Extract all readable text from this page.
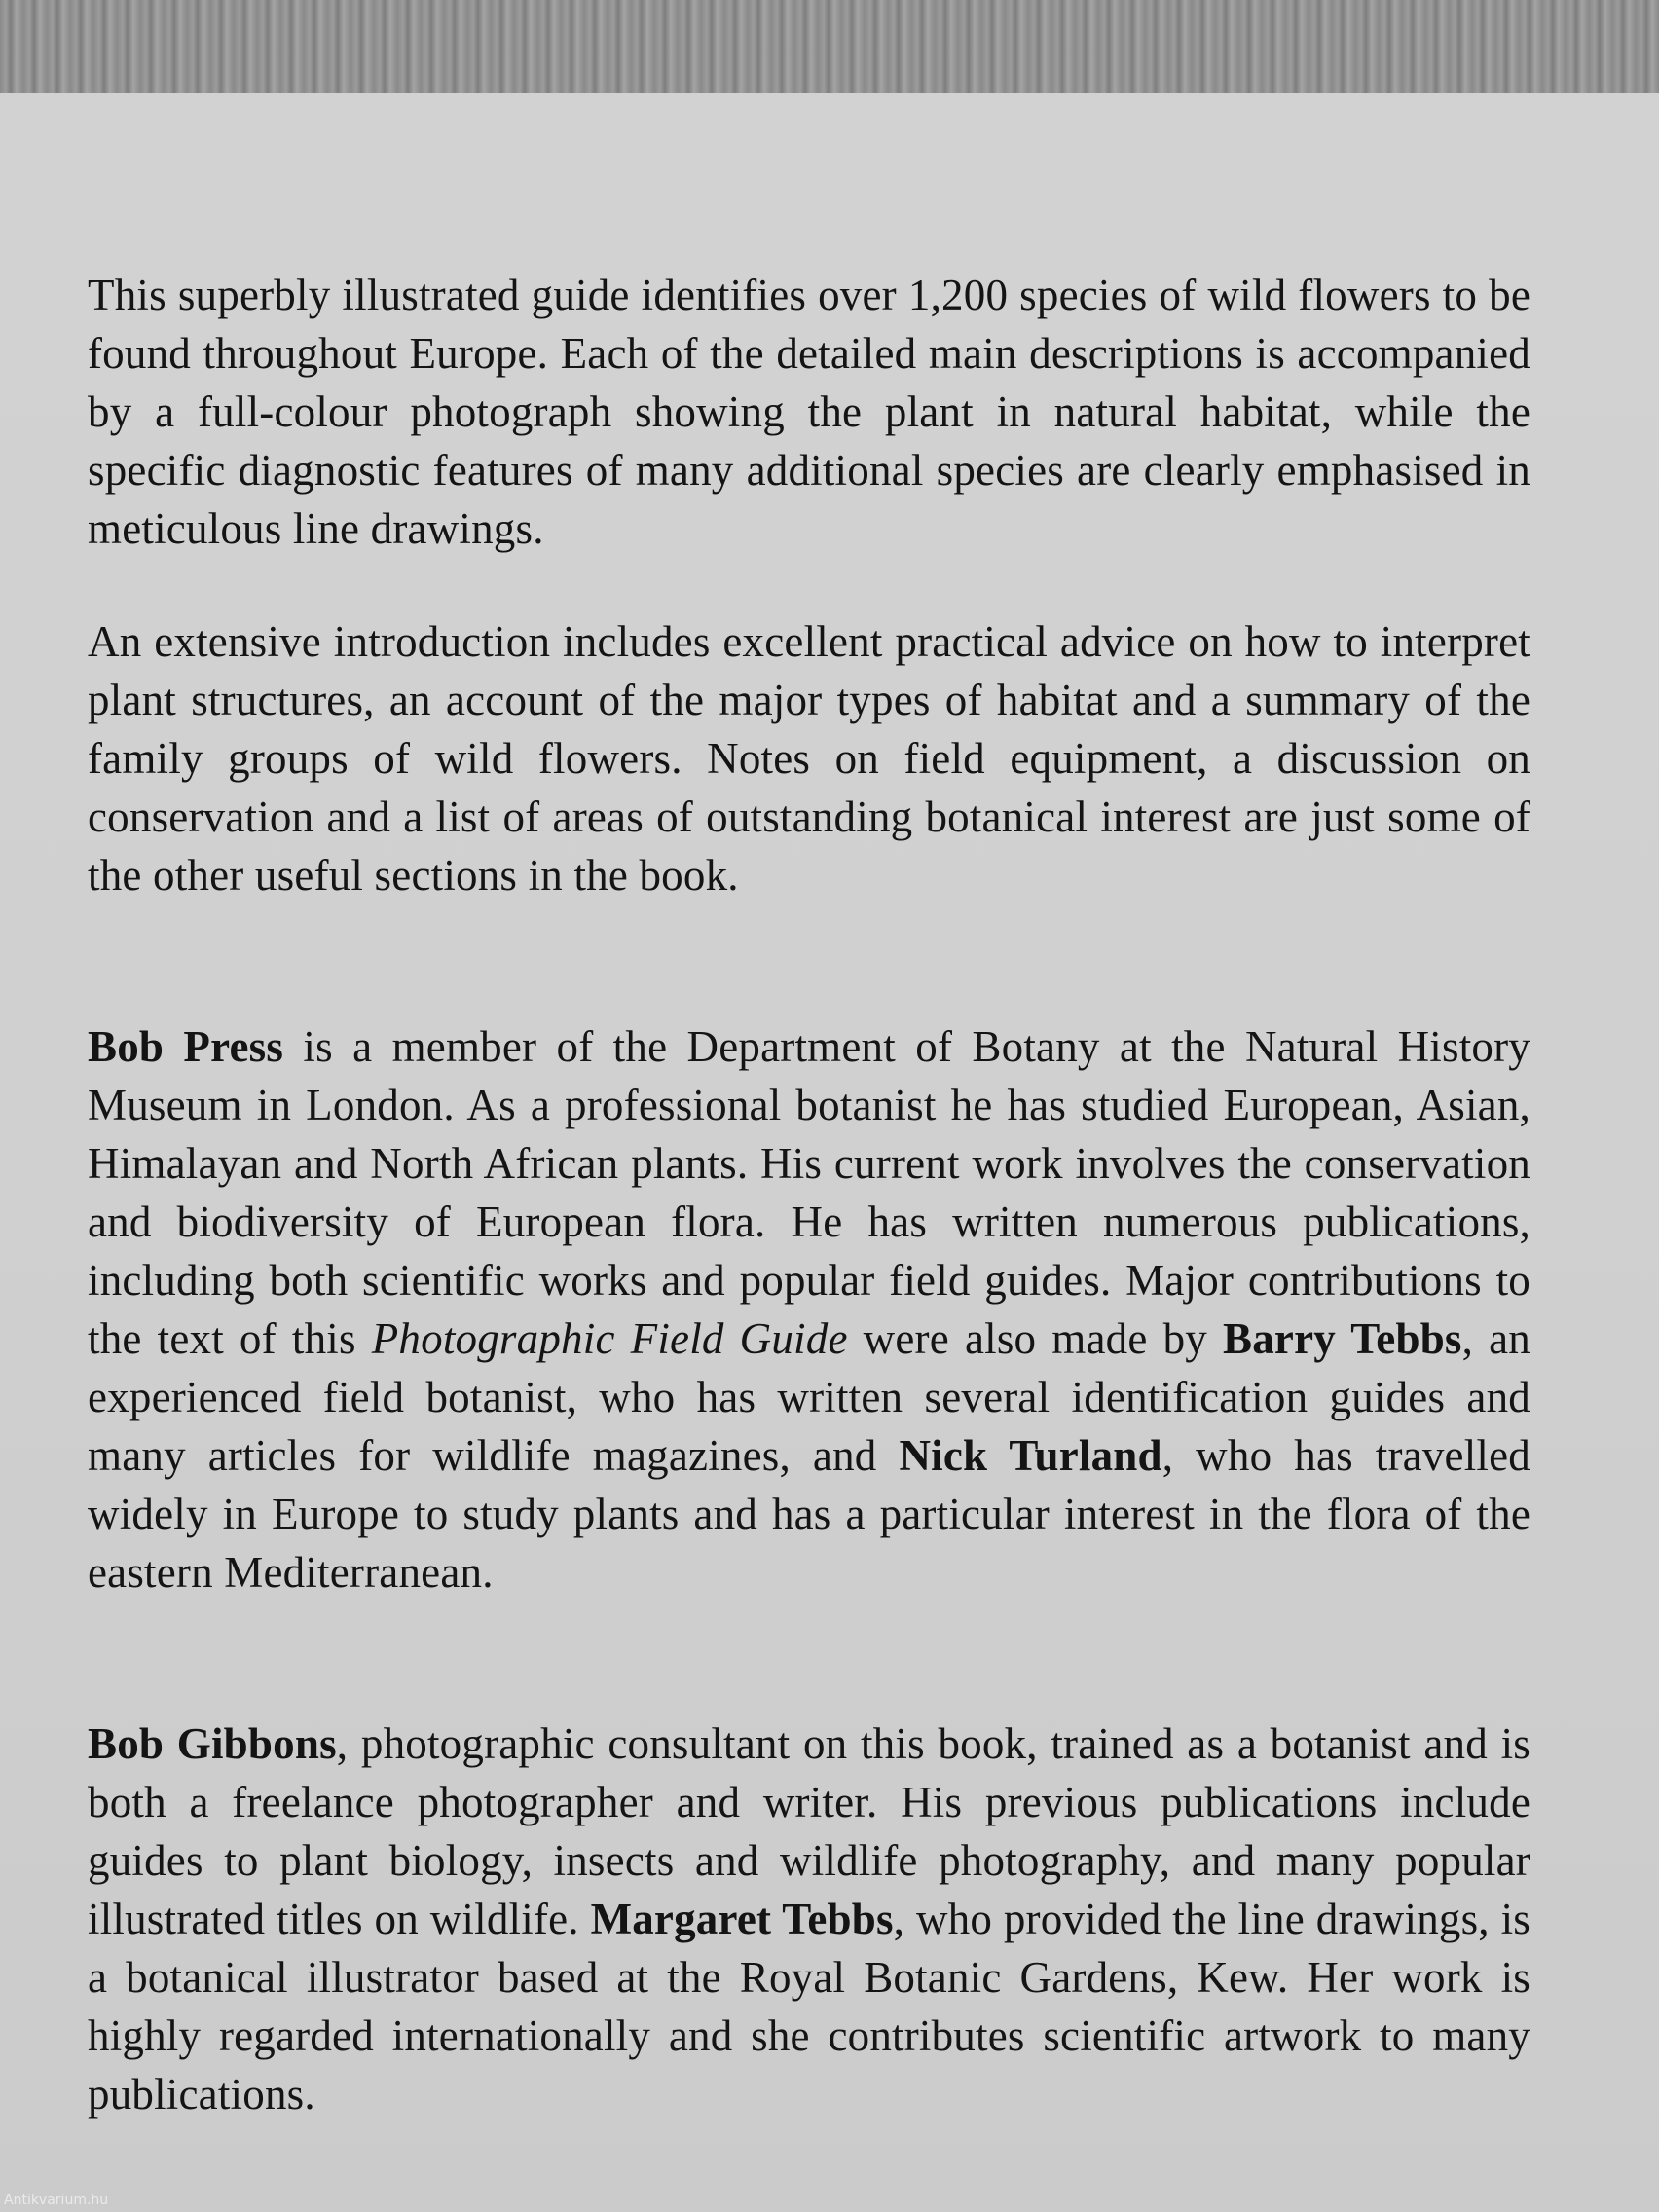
This superbly illustrated guide identifies over 1,200 species of wild flowers to be found throughout Europe. Each of the detailed main descriptions is accompanied by a full-colour photograph showing the plant in natural habitat, while the specific diagnostic features of many additional species are clearly emphasised in meticulous line drawings.

An extensive introduction includes excellent practical advice on how to interpret plant structures, an account of the major types of habitat and a summary of the family groups of wild flowers. Notes on field equipment, a discussion on conservation and a list of areas of outstanding botanical interest are just some of the other useful sections in the book.

Bob Press is a member of the Department of Botany at the Natural History Museum in London. As a professional botanist he has studied European, Asian, Himalayan and North African plants. His current work involves the conservation and biodiversity of European flora. He has written numerous publications, including both scientific works and popular field guides. Major contributions to the text of this Photographic Field Guide were also made by Barry Tebbs, an experienced field botanist, who has written several identification guides and many articles for wildlife magazines, and Nick Turland, who has travelled widely in Europe to study plants and has a particular interest in the flora of the eastern Mediterranean.

Bob Gibbons, photographic consultant on this book, trained as a botanist and is both a freelance photographer and writer. His previous publications include guides to plant biology, insects and wildlife photography, and many popular illustrated titles on wildlife. Margaret Tebbs, who provided the line drawings, is a botanical illustrator based at the Royal Botanic Gardens, Kew. Her work is highly regarded internationally and she contributes scientific artwork to many publications.

Antikvarium.hu
